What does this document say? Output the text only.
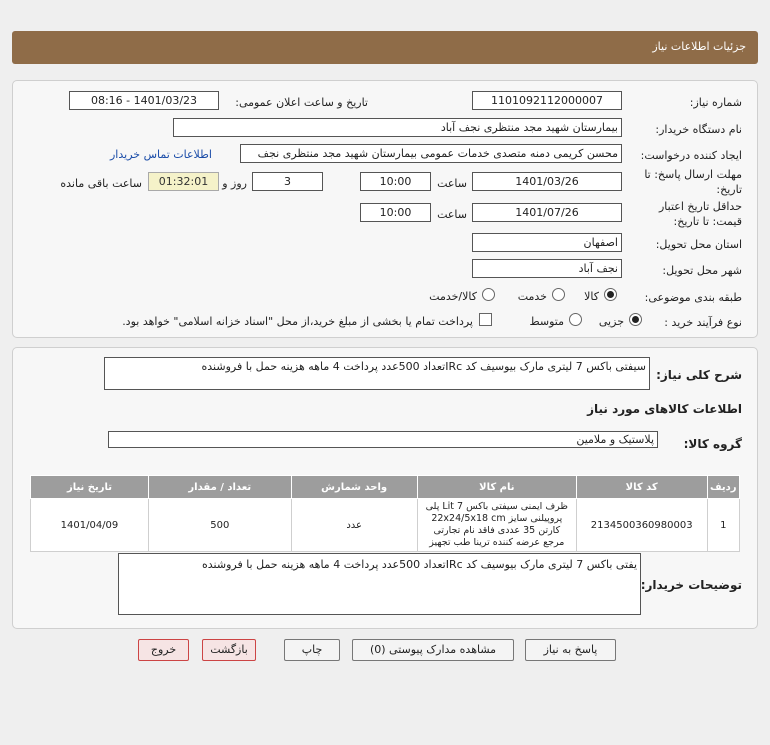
جزئیات اطلاعات نیاز
شماره نیاز:
1101092112000007
تاریخ و ساعت اعلان عمومی:
1401/03/23 - 08:16
نام دستگاه خریدار:
بیمارستان شهید مجد منتظری نجف آباد
ایجاد کننده درخواست:
محسن کریمی دمنه متصدی خدمات عمومی بیمارستان شهید مجد منتظری نجف
اطلاعات تماس خریدار
مهلت ارسال پاسخ: تا
تاریخ:
1401/03/26
ساعت
10:00
3
روز و
01:32:01
ساعت باقی مانده
حداقل تاریخ اعتبار
قیمت: تا تاریخ:
1401/07/26
ساعت
10:00
استان محل تحویل:
اصفهان
شهر محل تحویل:
نجف آباد
طبقه بندی موضوعی:
کالا
خدمت
کالا/خدمت
نوع فرآیند خرید :
جزیی
متوسط
پرداخت تمام یا بخشی از مبلغ خرید،از محل "اسناد خزانه اسلامی" خواهد بود.
شرح کلی نیاز:
سیفتی باکس 7 لیتری مارک بیوسیف کد IRcتعداد 500عدد پرداخت 4 ماهه هزینه حمل با فروشنده
اطلاعات کالاهای مورد نیاز
گروه کالا:
پلاستیک و ملامین
ردیف	کد کالا	نام کالا	واحد شمارش	تعداد / مقدار	تاریخ نیاز
1	2134500360980003	ظرف ایمنی سیفتی باکس Lit 7 پلی پروپیلنی سایز 22x24/5x18 cm کارتن 35 عددی فاقد نام تجارتی مرجع عرضه کننده ترینا طب تجهیز	عدد	500	1401/04/09
توضیحات خریدار:
یفتی باکس 7 لیتری مارک بیوسیف کد IRcتعداد 500عدد پرداخت 4 ماهه هزینه حمل با فروشنده
پاسخ به نیاز
مشاهده مدارک پیوستی (0)
چاپ
بازگشت
خروج
